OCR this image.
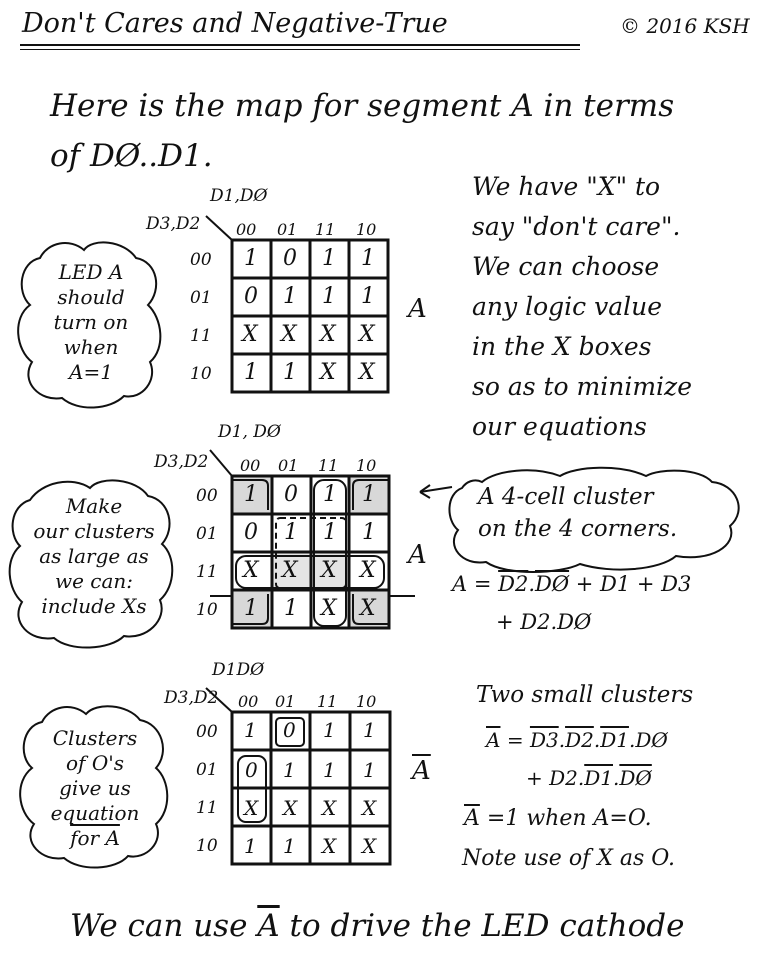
Don't Cares and Negative-True	© 2016 KSH
Here is the map for segment A in terms
of DØ..D1.
D1,DØ
D3,D2 00 01 11 10
00
01
11
10
1 0 1 1
0 1 1 1
X X X X
1 1 X X
A
LED A
should
turn on
when
A=1
We have "X" to
say "don't care".
We can choose
any logic value
in the X boxes
so as to minimize
our equations
D1, DØ
D3,D2 00 01 11 10
00
01
11
10
1 0 1 1
0 1 1 1
X X X X
1 1 X X
A
Make
our clusters
as large as
we can:
include Xs
A 4-cell cluster
on the 4 corners.
$A = D2.\overline{DØ} + D1 + D3$
+ D2.DØ
D1DØ
D3,D2 00 01 11 10
00
01
11
10
1 0 1 1
0 1 1 1
X X X X
1 1 X X
$\overline{A}$
Clusters
of O's
give us
equation
for A
Two small clusters
$\overline{A}$ = D3.D2.D1.DØ
+ $D2.D1.\overline{DØ}$
$\overline{A} =1$ when A=O.
Note use of X as O.
We can use $\overline{A}$ to drive the LED cathode
